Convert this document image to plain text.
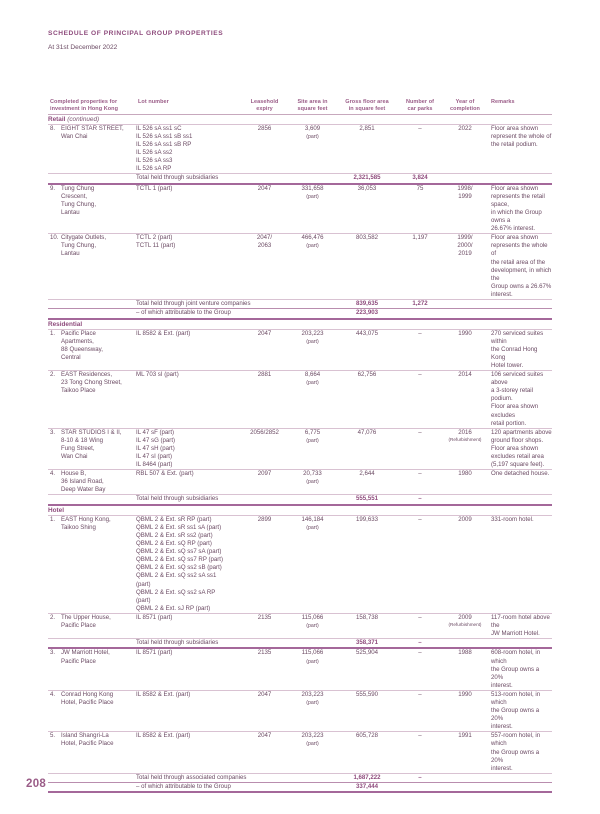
SCHEDULE OF PRINCIPAL GROUP PROPERTIES
At 31st December 2022
Completed properties for
investment in Hong Kong	Lot number	Leasehold
expiry	Site area in
square feet	Gross floor area
in square feet	Number of
car parks	Year of
completion	Remarks

Retail (continued)							

8. EIGHT STAR STREET,
Wan Chai
	IL 526 sA ss1 sC
IL 526 sA ss1 sB ss1
IL 526 sA ss1 sB RP
IL 526 sA ss2
IL 526 sA ss3
IL 526 sA RP	2856	3,609
(part)	2,851	–	2022	Floor area shown
represent the whole of
the retail podium.

	Total held through subsidiaries			2,321,585	3,824		

9. Tung Chung
Crescent,
Tung Chung,
Lantau	TCTL 1 (part)	2047	331,658
(part)	36,053	75	1998/
1999	Floor area shown
represents the retail space,
in which the Group owns a
26.67% interest.

10. Citygate Outlets,
Tung Chung,
Lantau
	TCTL 2 (part)
TCTL 11 (part)	2047/
2063	466,476
(part)	803,582	1,197	1999/
2000/
2019	Floor area shown
represents the whole of
the retail area of the
development, in which the
Group owns a 26.67%
interest.

	Total held through joint venture companies			839,635	1,272		

	– of which attributable to the Group			223,903			

Residential							

1. Pacific Place
Apartments,
88 Queensway,
Central	IL 8582 & Ext. (part)	2047	203,223
(part)	443,075	–	1990	270 serviced suites within
the Conrad Hong Kong
Hotel tower.

2. EAST Residences,
23 Tong Chong Street,
Taikoo Place	ML 703 sI (part)	2881	8,664
(part)	62,756	–	2014	106 serviced suites above
a 3-storey retail podium.
Floor area shown excludes
retail portion.

3. STAR STUDIOS I & II,
8-10 & 18 Wing
Fung Street,
Wan Chai	IL 47 sF (part)
IL 47 sG (part)
IL 47 sH (part)
IL 47 sI (part)
IL 8464 (part)	2056/2852	6,775
(part)	47,076	–	2016
(Refurbishment)	120 apartments above
ground floor shops.
Floor area shown
excludes retail area
(5,197 square feet).

4. House B,
36 Island Road,
Deep Water Bay	RBL 507 & Ext. (part)	2097	20,733
(part)	2,644	–	1980	One detached house.

	Total held through subsidiaries			555,551	–		

Hotel							

1. EAST Hong Kong,
Taikoo Shing
	QBML 2 & Ext. sR RP (part)
QBML 2 & Ext. sR ss1 sA (part)
QBML 2 & Ext. sR ss2 (part)
QBML 2 & Ext. sQ RP (part)
QBML 2 & Ext. sQ ss7 sA (part)
QBML 2 & Ext. sQ ss7 RP (part)
QBML 2 & Ext. sQ ss2 sB (part)
QBML 2 & Ext. sQ ss2 sA ss1
(part)
QBML 2 & Ext. sQ ss2 sA RP
(part)
QBML 2 & Ext. sJ RP (part)	2899	146,184
(part)	199,633	–	2009	331-room hotel.

2. The Upper House,
Pacific Place	IL 8571 (part)	2135	115,066
(part)	158,738	–	2009
(Refurbishment)	117-room hotel above the
JW Marriott Hotel.

	Total held through subsidiaries			358,371	–		

3. JW Marriott Hotel,
Pacific Place	IL 8571 (part)	2135	115,066
(part)	525,904	–	1988	608-room hotel, in which
the Group owns a 20%
interest.

4. Conrad Hong Kong
Hotel, Pacific Place	IL 8582 & Ext. (part)	2047	203,223
(part)	555,590	–	1990	513-room hotel, in which
the Group owns a 20%
interest.

5. Island Shangri-La
Hotel, Pacific Place	IL 8582 & Ext. (part)	2047	203,223
(part)	605,728	–	1991	557-room hotel, in which
the Group owns a 20%
interest.

	Total held through associated companies			1,687,222	–		

	– of which attributable to the Group			337,444			

208
